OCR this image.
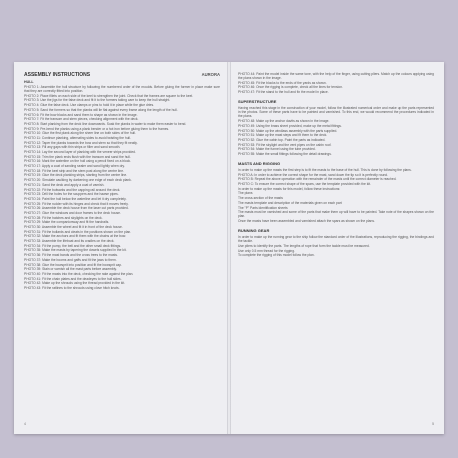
ASSEMBLY INSTRUCTIONS	AURORA
HULL

PHOTO 1: Assemble the hull structure by following the numbered order of the moulds. Before gluing the former in place make sure that they are correctly fitted into position.

PHOTO 2: Place fillets on each side of the keel to strengthen the joint. Check that the frames are square to the keel.

PHOTO 3: Use the jigs for the false deck and fit it to the formers taking care to keep the hull straight.

PHOTO 4: Glue the false deck. Use clamps or pins to hold it in place while the glue dries.

PHOTO 5: Sand the formers so that the planks will lie flat against every frame along the length of the hull.

PHOTO 6: Fit the bow blocks and sand them to shape as shown in the image.

PHOTO 7: Fit the transom and stern pieces, checking alignment with the deck.

PHOTO 8: Start planking from the deck line downwards. Soak the planks in water to make them easier to bend.

PHOTO 9: Pre-bend the planks using a plank bender or a hot iron before gluing them to the frames.

PHOTO 10: Glue the first plank along the sheer line on both sides of the hull.

PHOTO 11: Continue planking, alternating sides to avoid twisting the hull.

PHOTO 12: Taper the planks towards the bow and stern so that they fit neatly.

PHOTO 13: Fill any gaps with thin strips or filler and sand smooth.

PHOTO 14: Lay the second layer of planking with the veneer strips provided.

PHOTO 15: Trim the plank ends flush with the transom and sand the hull.

PHOTO 16: Mark the waterline on the hull using a pencil fixed on a block.

PHOTO 17: Apply a coat of sanding sealer and sand lightly when dry.

PHOTO 18: Fit the keel strip and the stem post along the centre line.

PHOTO 19: Glue the deck planking strips, starting from the centre line.

PHOTO 20: Simulate caulking by darkening one edge of each deck plank.

PHOTO 21: Sand the deck and apply a coat of varnish.

PHOTO 22: Fit the bulwarks and the capping rail around the deck.

PHOTO 23: Drill the holes for the scuppers and the hawse pipes.

PHOTO 24: Paint the hull below the waterline and let it dry completely.

PHOTO 25: Fit the rudder with its hinges and check that it moves freely.

PHOTO 26: Assemble the deck house from the laser cut parts provided.

PHOTO 27: Glue the windows and door frames to the deck house.

PHOTO 28: Fit the hatches and skylights on the deck.

PHOTO 29: Make the companionway and fit the handrails.

PHOTO 30: Assemble the wheel and fit it in front of the deck house.

PHOTO 31: Fit the bollards and cleats in the positions shown on the plan.

PHOTO 32: Make the anchors and fit them with the chains at the bow.

PHOTO 33: Assemble the lifeboat and its cradles on the deck.

PHOTO 34: Fit the pump, the bell and the other small deck fittings.

PHOTO 35: Make the masts by tapering the dowels supplied in the kit.

PHOTO 36: Fit the mast bands and the cross trees to the masts.

PHOTO 37: Make the booms and gaffs and fit the jaws to them.

PHOTO 38: Glue the bowsprit into position and fit the bowsprit cap.

PHOTO 39: Stain or varnish all the mast parts before assembly.

PHOTO 40: Fit the masts into the deck, checking the rake against the plan.

PHOTO 41: Fit the chain plates and the deadeyes to the hull sides.

PHOTO 42: Make up the shrouds using the thread provided in the kit.

PHOTO 43: Fit the ratlines to the shrouds using clove hitch knots.

4

PHOTO 44: Paint the model inside the same tone, with the help of the finger, using cutting pliers. Match up the colours applying using the plans shown in the image.

PHOTO 45: Fit the blocks to the ends of the yards as shown.

PHOTO 46: Once the rigging is complete, check all the lines for tension.

PHOTO 47: Fit the stand to the hull and fix the model in place.

SUPERSTRUCTURE

Having reached this stage in the construction of your model, follow the illustrated numerical order and make up the parts represented in the photos. Some of these parts have to be painted and varnished. To this end, we would recommend the procedures indicated in the plans.

PHOTO 48: Make up the anchor davits as shown in the image.

PHOTO 49: Using the brass sheet provided, make up the metal fittings.

PHOTO 50: Make up the windlass assembly with the parts supplied.

PHOTO 51: Make up the mast steps and fit them to the deck.

PHOTO 52: Glue the cabin top. Paint the parts as indicated.

PHOTO 53: Fit the skylight and the vent pipes on the cabin roof.

PHOTO 54: Make the funnel using the tube provided.

PHOTO 55: Make the small fittings following the detail drawings.

MASTS AND RIGGING

In order to make up the masts the first step is to fit the masts to the base of the hull. This is done by following the plans.

PHOTO A: In order to achieve the correct shape for the mast, sand down the tip so it is perfectly round.

PHOTO B: Repeat the above operation with the remainder of the masts until the correct diameter is reached.

PHOTO C: To ensure the correct shape of the spars, use the template provided with the kit.

In order to make up the masts for this model, follow these instructions:

The plans

The cross-section of the masts

The masts template and description of the materials given on each part

The "P" Parts identification sheets

The masts must be varnished and some of the parts that make them up will have to be painted. Take note of the shapes shown on the plan.

Once the masts have been assembled and varnished attach the spars as shown on the plans.

RUNNING GEAR

In order to make up the running gear to the ship follow the standard order of the illustrations, reproducing the rigging, the bindings and the tackle.

Use pliers to identify the parts. The lengths of rope that form the tackle must be measured.

Use only 0.5 mm thread for the rigging.

To complete the rigging of this model follow the plan.

5
